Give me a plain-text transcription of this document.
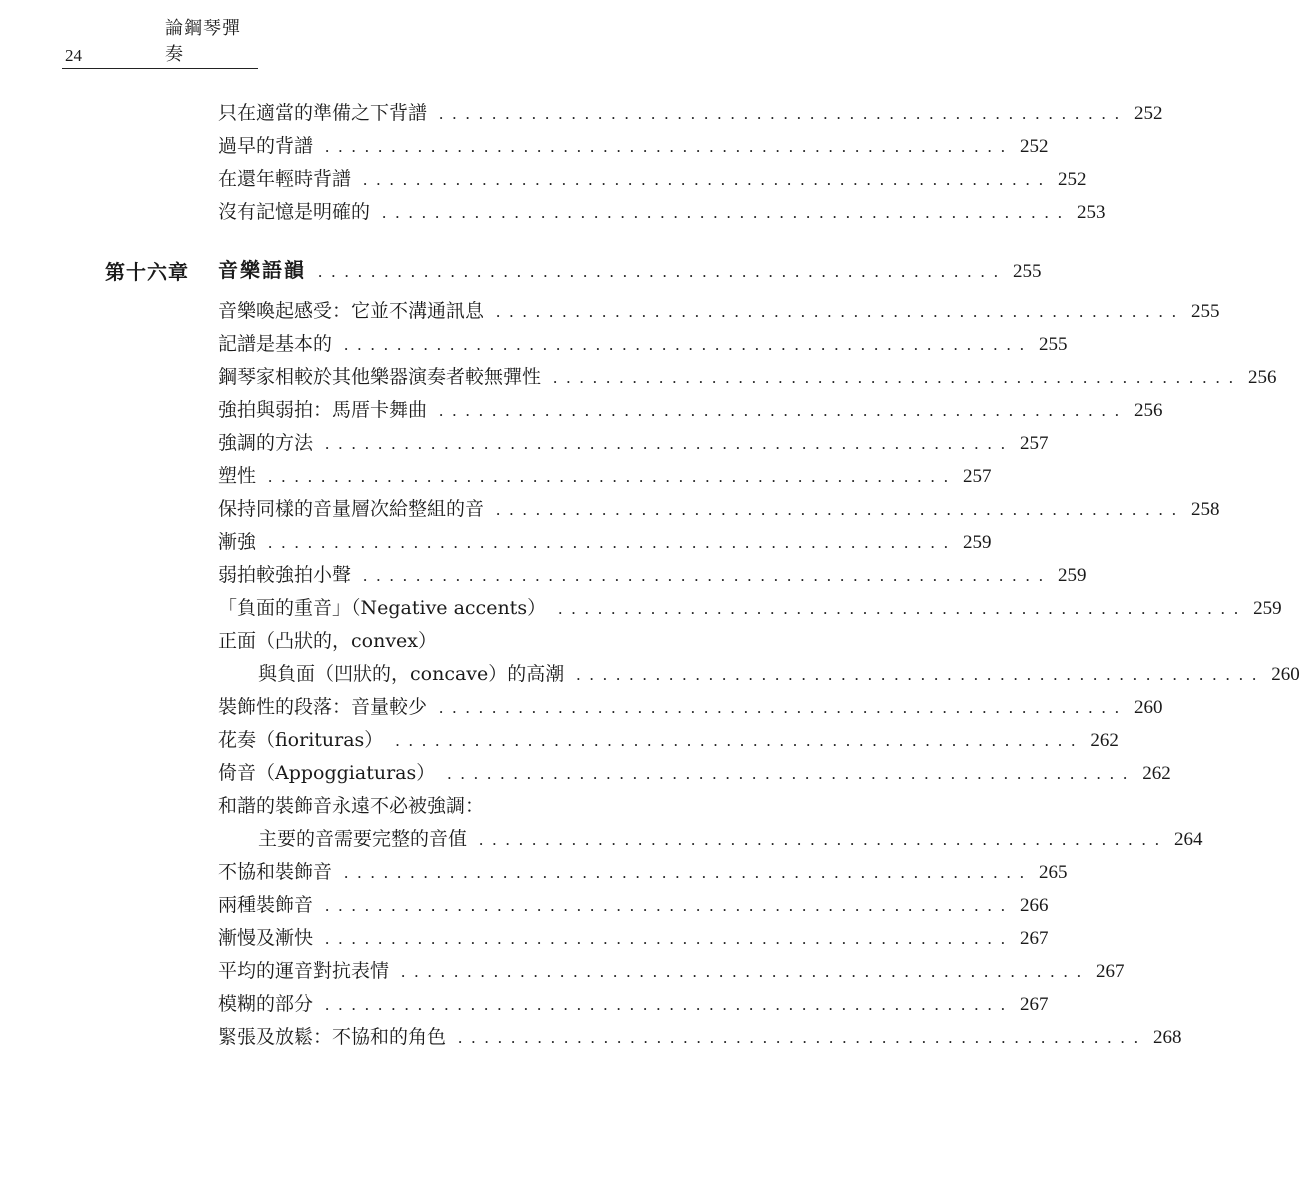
24
論鋼琴彈奏
只在適當的準備之下背譜 .................................................... 252
過早的背譜 .................................................... 252
在還年輕時背譜 .................................................... 252
沒有記憶是明確的 .................................................... 253
第十六章 音樂語韻 .................................................... 255
音樂喚起感受：它並不溝通訊息 .................................................... 255
記譜是基本的 .................................................... 255
鋼琴家相較於其他樂器演奏者較無彈性 .................................................... 256
強拍與弱拍：馬厝卡舞曲 .................................................... 256
強調的方法 .................................................... 257
塑性 .................................................... 257
保持同樣的音量層次給整組的音 .................................................... 258
漸強 .................................................... 259
弱拍較強拍小聲 .................................................... 259
「負面的重音」（Negative accents） .................................................... 259
正面（凸狀的，convex）
與負面（凹狀的，concave）的高潮 .................................................... 260
裝飾性的段落：音量較少 .................................................... 260
花奏（fiorituras） .................................................... 262
倚音（Appoggiaturas） .................................................... 262
和諧的裝飾音永遠不必被強調：
主要的音需要完整的音值 .................................................... 264
不協和裝飾音 .................................................... 265
兩種裝飾音 .................................................... 266
漸慢及漸快 .................................................... 267
平均的運音對抗表情 .................................................... 267
模糊的部分 .................................................... 267
緊張及放鬆：不協和的角色 .................................................... 268
